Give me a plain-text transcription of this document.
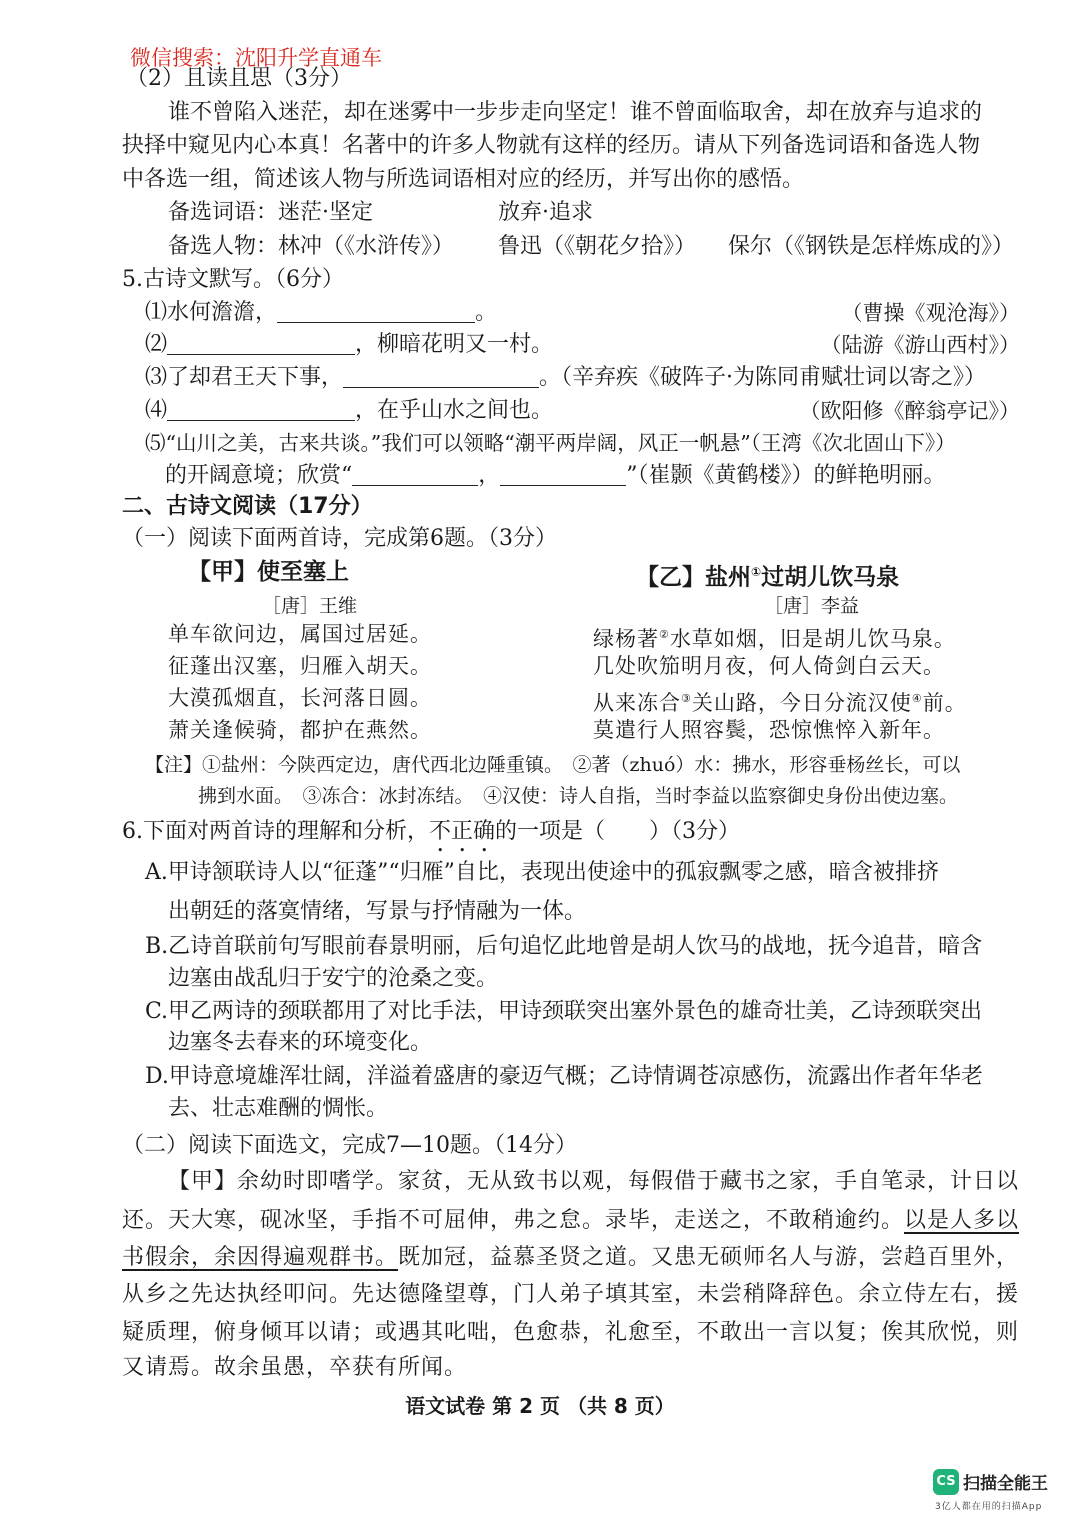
微信搜索：沈阳升学直通车
（2）且读且思（3分）
谁不曾陷入迷茫，却在迷雾中一步步走向坚定！谁不曾面临取舍，却在放弃与追求的
抉择中窥见内心本真！名著中的许多人物就有这样的经历。请从下列备选词语和备选人物
中各选一组，简述该人物与所选词语相对应的经历，并写出你的感悟。
备选词语：迷茫·坚定	放弃·追求
备选人物：林冲（《水浒传》） 鲁迅（《朝花夕拾》） 保尔（《钢铁是怎样炼成的》）
5.古诗文默写。（6分）
⑴水何澹澹，	。	（曹操《观沧海》）
⑵	，柳暗花明又一村。	（陆游《游山西村》）
⑶了却君王天下事，	。（辛弃疾《破阵子·为陈同甫赋壮词以寄之》）
⑷	，在乎山水之间也。	（欧阳修《醉翁亭记》）
⑸“山川之美，古来共谈。”我们可以领略“潮平两岸阔，风正一帆悬”（王湾《次北固山下》）
的开阔意境；欣赏“	，	”（崔颢《黄鹤楼》）的鲜艳明丽。
二、古诗文阅读（17分）
（一）阅读下面两首诗，完成第6题。（3分）
【甲】使至塞上
［唐］王维
单车欲问边，属国过居延。
征蓬出汉塞，归雁入胡天。
大漠孤烟直，长河落日圆。
萧关逢候骑，都护在燕然。
【乙】盐州①过胡儿饮马泉
［唐］李益
绿杨著②水草如烟，旧是胡儿饮马泉。
几处吹笳明月夜，何人倚剑白云天。
从来冻合③关山路，今日分流汉使④前。
莫遣行人照容鬓，恐惊憔悴入新年。
【注】①盐州：今陕西定边，唐代西北边陲重镇。　②著（zhuó）水：拂水，形容垂杨丝长，可以
拂到水面。　③冻合：冰封冻结。　④汉使：诗人自指，当时李益以监察御史身份出使边塞。
6.下面对两首诗的理解和分析，不正确的一项是（　　）（3分）
A.甲诗颔联诗人以“征蓬”“归雁”自比，表现出使途中的孤寂飘零之感，暗含被排挤
出朝廷的落寞情绪，写景与抒情融为一体。
B.乙诗首联前句写眼前春景明丽，后句追忆此地曾是胡人饮马的战地，抚今追昔，暗含
边塞由战乱归于安宁的沧桑之变。
C.甲乙两诗的颈联都用了对比手法，甲诗颈联突出塞外景色的雄奇壮美，乙诗颈联突出
边塞冬去春来的环境变化。
D.甲诗意境雄浑壮阔，洋溢着盛唐的豪迈气概；乙诗情调苍凉感伤，流露出作者年华老
去、壮志难酬的惆怅。
（二）阅读下面选文，完成7—10题。（14分）
【甲】余幼时即嗜学。家贫，无从致书以观，每假借于藏书之家，手自笔录，计日以
还。天大寒，砚冰坚，手指不可屈伸，弗之怠。录毕，走送之，不敢稍逾约。以是人多以
书假余，余因得遍观群书。既加冠，益慕圣贤之道。又患无硕师名人与游，尝趋百里外，
从乡之先达执经叩问。先达德隆望尊，门人弟子填其室，未尝稍降辞色。余立侍左右，援
疑质理，俯身倾耳以请；或遇其叱咄，色愈恭，礼愈至，不敢出一言以复；俟其欣悦，则
又请焉。故余虽愚，卒获有所闻。
语文试卷 第 2 页 （共 8 页）
CS 扫描全能王
3亿人都在用的扫描App
